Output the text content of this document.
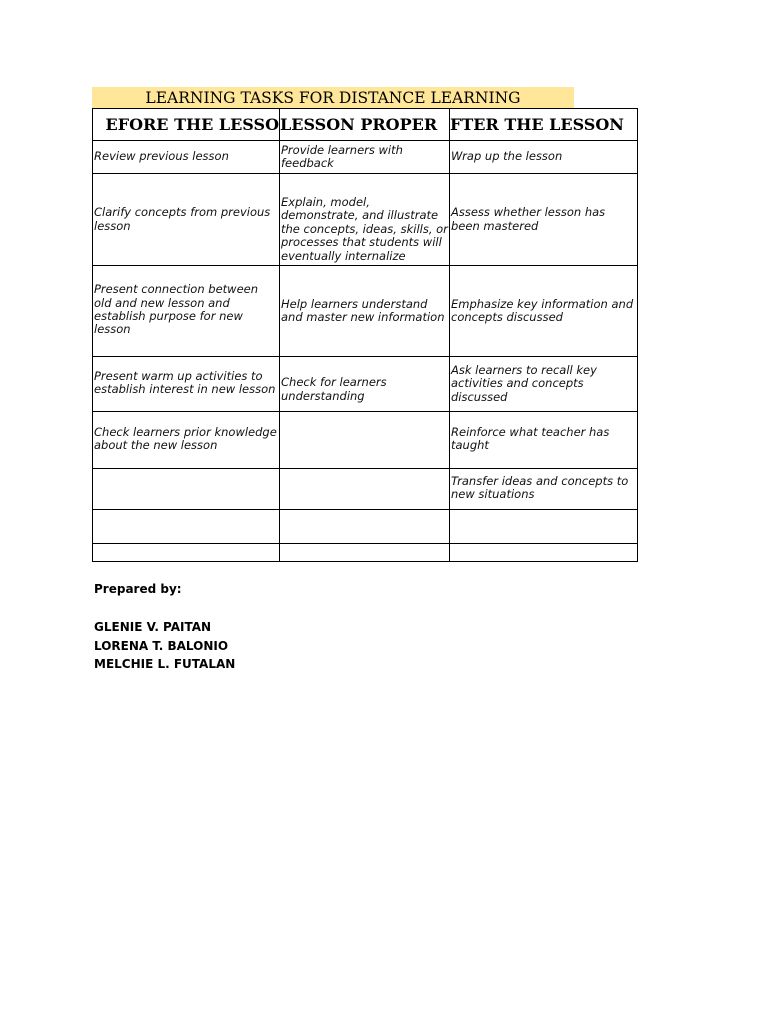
LEARNING TASKS FOR DISTANCE LEARNING
EFORE THE LESSO	LESSON PROPER	FTER THE LESSON

Review previous lesson	Provide learners with feedback	Wrap up the lesson
Clarify concepts from previous lesson	Explain, model, demonstrate, and illustrate the concepts, ideas, skills, or processes that students will eventually internalize	Assess whether lesson has been mastered
Present connection between old and new lesson and establish purpose for new lesson	Help learners understand and master new information	Emphasize key information and concepts discussed
Present warm up activities to establish interest in new lesson	Check for learners understanding	Ask learners to recall key activities and concepts discussed
Check learners prior knowledge about the new lesson		Reinforce what teacher has taught
		Transfer ideas and concepts to new situations

Prepared by:
GLENIE V. PAITAN
LORENA T. BALONIO
MELCHIE L. FUTALAN
